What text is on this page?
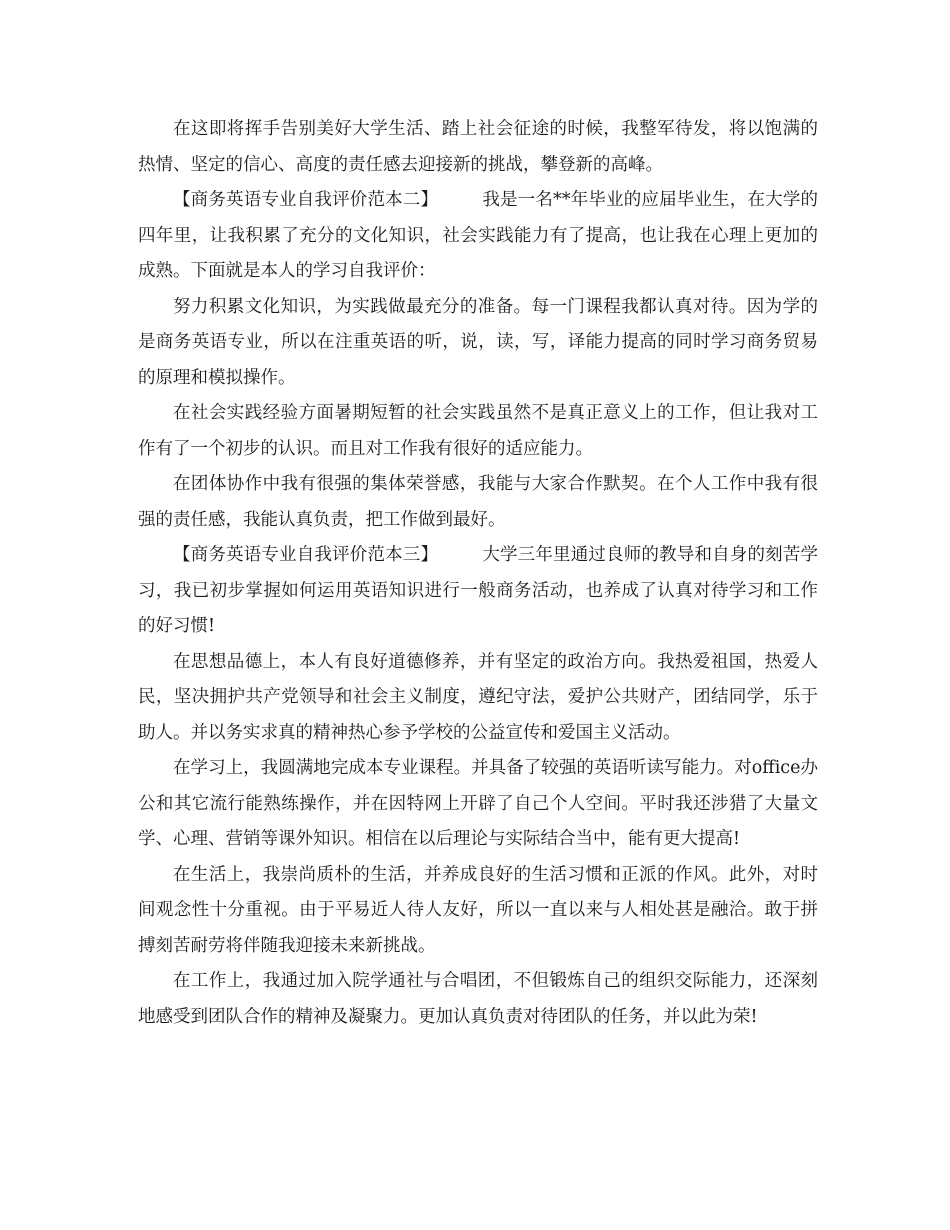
在这即将挥手告别美好大学生活、踏上社会征途的时候，我整军待发，将以饱满的热情、坚定的信心、高度的责任感去迎接新的挑战，攀登新的高峰。

【商务英语专业自我评价范本二】	我是一名**年毕业的应届毕业生，在大学的四年里，让我积累了充分的文化知识，社会实践能力有了提高，也让我在心理上更加的成熟。下面就是本人的学习自我评价：

努力积累文化知识，为实践做最充分的准备。每一门课程我都认真对待。因为学的是商务英语专业，所以在注重英语的听，说，读，写，译能力提高的同时学习商务贸易的原理和模拟操作。

在社会实践经验方面暑期短暂的社会实践虽然不是真正意义上的工作，但让我对工作有了一个初步的认识。而且对工作我有很好的适应能力。

在团体协作中我有很强的集体荣誉感，我能与大家合作默契。在个人工作中我有很强的责任感，我能认真负责，把工作做到最好。

【商务英语专业自我评价范本三】	大学三年里通过良师的教导和自身的刻苦学习，我已初步掌握如何运用英语知识进行一般商务活动，也养成了认真对待学习和工作的好习惯!

在思想品德上，本人有良好道德修养，并有坚定的政治方向。我热爱祖国，热爱人民，坚决拥护共产党领导和社会主义制度，遵纪守法，爱护公共财产，团结同学，乐于助人。并以务实求真的精神热心参予学校的公益宣传和爱国主义活动。

在学习上，我圆满地完成本专业课程。并具备了较强的英语听读写能力。对office办公和其它流行能熟练操作，并在因特网上开辟了自己个人空间。平时我还涉猎了大量文学、心理、营销等课外知识。相信在以后理论与实际结合当中，能有更大提高!

在生活上，我崇尚质朴的生活，并养成良好的生活习惯和正派的作风。此外，对时间观念性十分重视。由于平易近人待人友好，所以一直以来与人相处甚是融洽。敢于拼搏刻苦耐劳将伴随我迎接未来新挑战。

在工作上，我通过加入院学通社与合唱团，不但锻炼自己的组织交际能力，还深刻地感受到团队合作的精神及凝聚力。更加认真负责对待团队的任务，并以此为荣!
